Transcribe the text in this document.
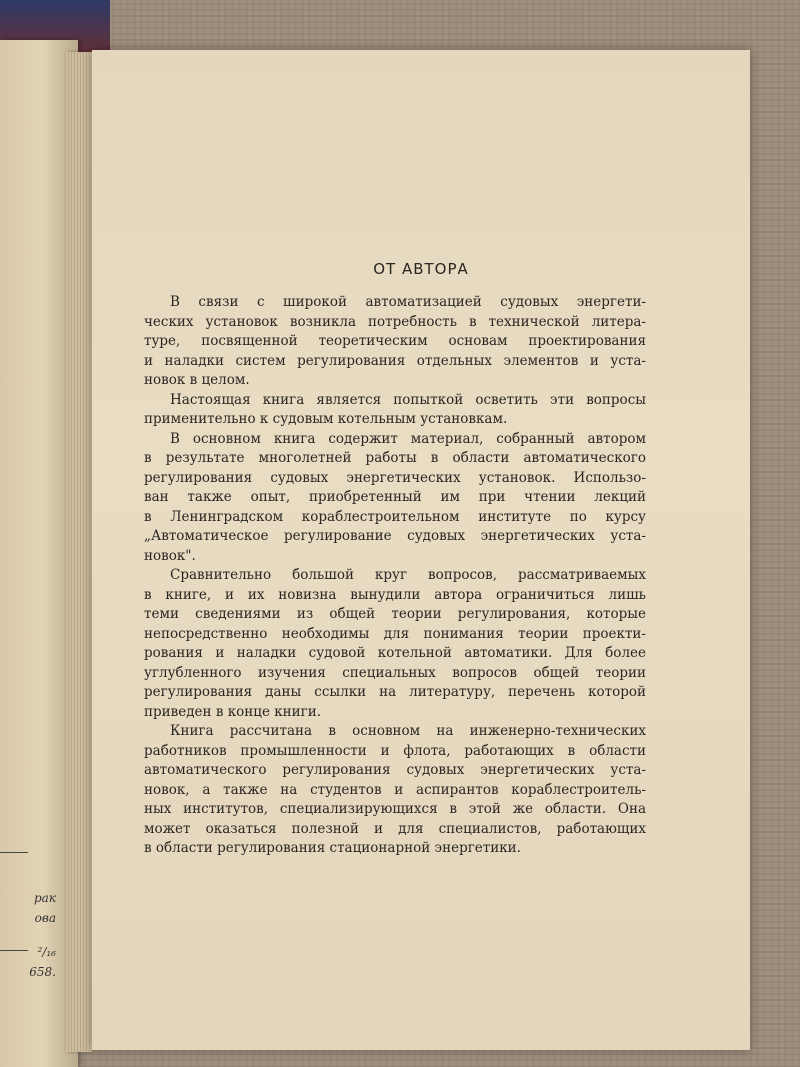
рак
ова
²/₁₆
658.
ОТ АВТОРА
В связи с широкой автоматизацией судовых энергети-
ческих установок возникла потребность в технической литера-
туре, посвященной теоретическим основам проектирования
и наладки систем регулирования отдельных элементов и уста-
новок в целом.
Настоящая книга является попыткой осветить эти вопросы
применительно к судовым котельным установкам.
В основном книга содержит материал, собранный автором
в результате многолетней работы в области автоматического
регулирования судовых энергетических установок. Использо-
ван также опыт, приобретенный им при чтении лекций
в Ленинградском кораблестроительном институте по курсу
„Автоматическое регулирование судовых энергетических уста-
новок".
Сравнительно большой круг вопросов, рассматриваемых
в книге, и их новизна вынудили автора ограничиться лишь
теми сведениями из общей теории регулирования, которые
непосредственно необходимы для понимания теории проекти-
рования и наладки судовой котельной автоматики. Для более
углубленного изучения специальных вопросов общей теории
регулирования даны ссылки на литературу, перечень которой
приведен в конце книги.
Книга рассчитана в основном на инженерно-технических
работников промышленности и флота, работающих в области
автоматического регулирования судовых энергетических уста-
новок, а также на студентов и аспирантов кораблестроитель-
ных институтов, специализирующихся в этой же области. Она
может оказаться полезной и для специалистов, работающих
в области регулирования стационарной энергетики.
